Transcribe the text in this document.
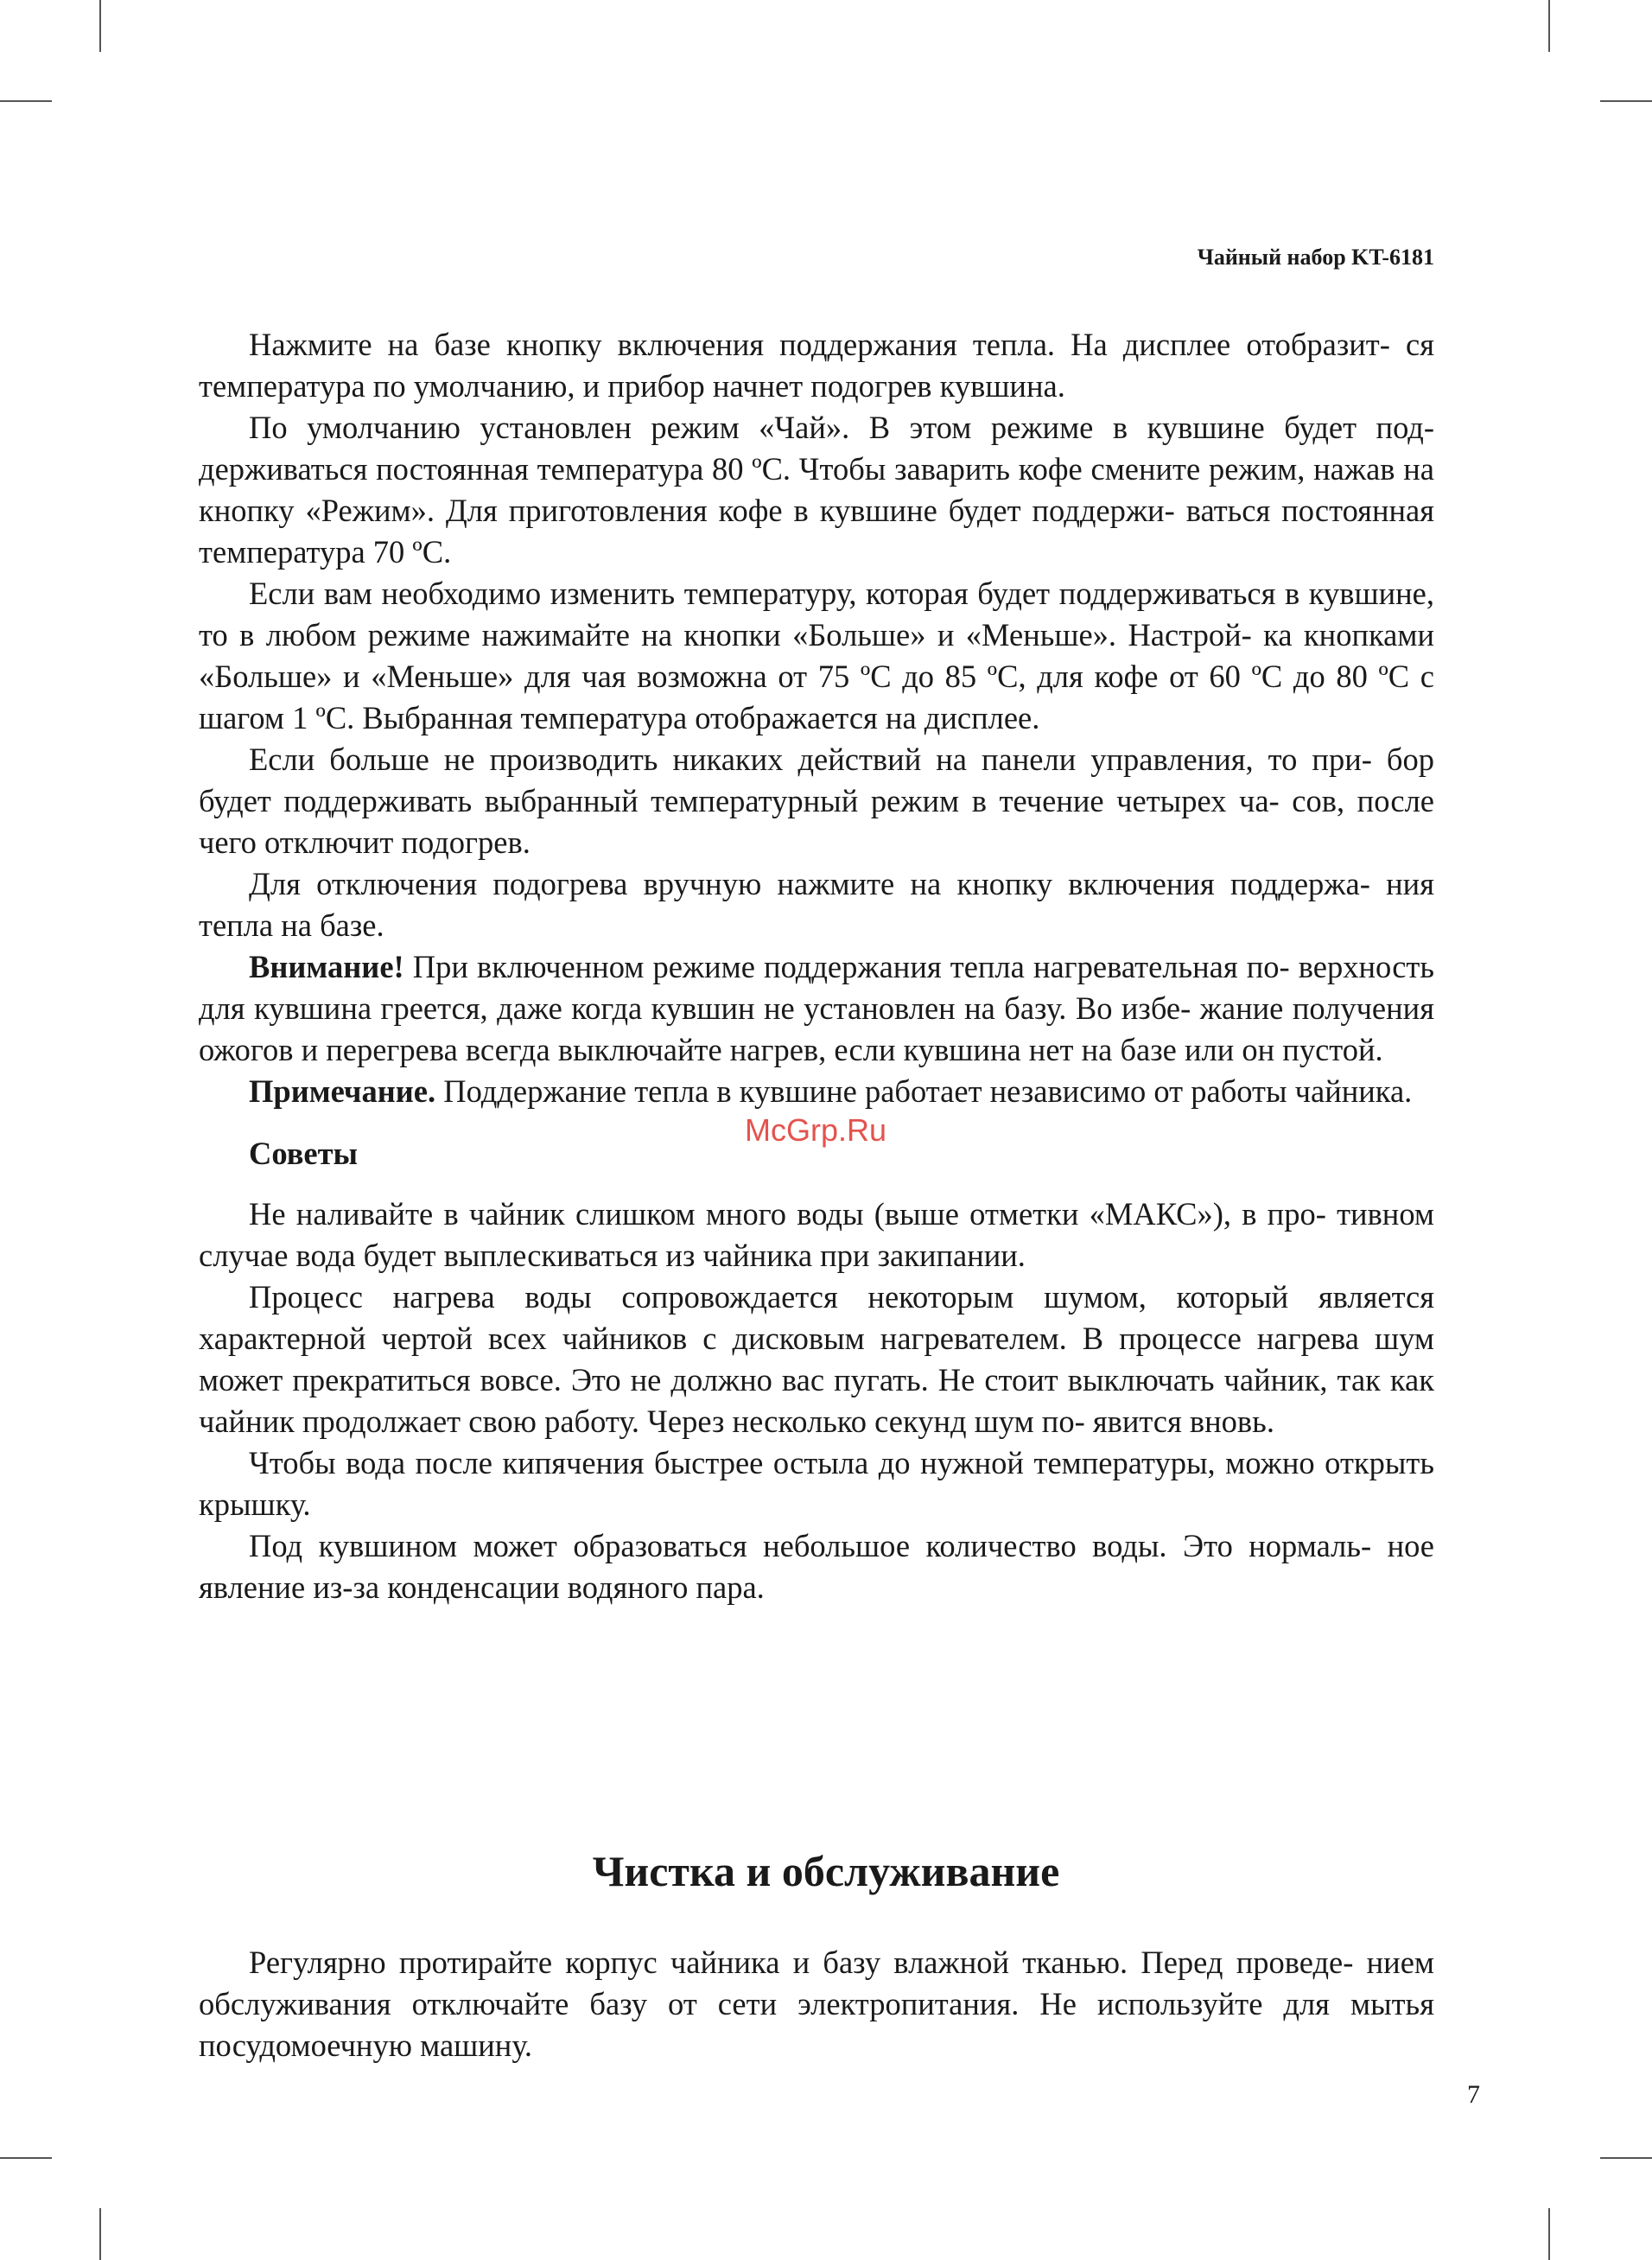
Чайный набор KT-6181

Нажмите на базе кнопку включения поддержания тепла. На дисплее отобразит- ся температура по умолчанию, и прибор начнет подогрев кувшина.

По умолчанию установлен режим «Чай». В этом режиме в кувшине будет под- держиваться постоянная температура 80 ºС. Чтобы заварить кофе смените режим, нажав на кнопку «Режим». Для приготовления кофе в кувшине будет поддержи- ваться постоянная температура 70 ºС.

Если вам необходимо изменить температуру, которая будет поддерживаться в кувшине, то в любом режиме нажимайте на кнопки «Больше» и «Меньше». Настрой- ка кнопками «Больше» и «Меньше» для чая возможна от 75 ºС до 85 ºС, для кофе от 60 ºС до 80 ºС с шагом 1 ºС. Выбранная температура отображается на дисплее.

Если больше не производить никаких действий на панели управления, то при- бор будет поддерживать выбранный температурный режим в течение четырех ча- сов, после чего отключит подогрев.

Для отключения подогрева вручную нажмите на кнопку включения поддержа- ния тепла на базе.

Внимание! При включенном режиме поддержания тепла нагревательная по- верхность для кувшина греется, даже когда кувшин не установлен на базу. Во избе- жание получения ожогов и перегрева всегда выключайте нагрев, если кувшина нет на базе или он пустой.

Примечание. Поддержание тепла в кувшине работает независимо от работы чайника.

Советы

Не наливайте в чайник слишком много воды (выше отметки «МАКС»), в про- тивном случае вода будет выплескиваться из чайника при закипании.

Процесс нагрева воды сопровождается некоторым шумом, который является характерной чертой всех чайников с дисковым нагревателем. В процессе нагрева шум может прекратиться вовсе. Это не должно вас пугать. Не стоит выключать чайник, так как чайник продолжает свою работу. Через несколько секунд шум по- явится вновь.

Чтобы вода после кипячения быстрее остыла до нужной температуры, можно открыть крышку.

Под кувшином может образоваться небольшое количество воды. Это нормаль- ное явление из-за конденсации водяного пара.

McGrp.Ru
Чистка и обслуживание

Регулярно протирайте корпус чайника и базу влажной тканью. Перед проведе- нием обслуживания отключайте базу от сети электропитания. Не используйте для мытья посудомоечную машину.

7
